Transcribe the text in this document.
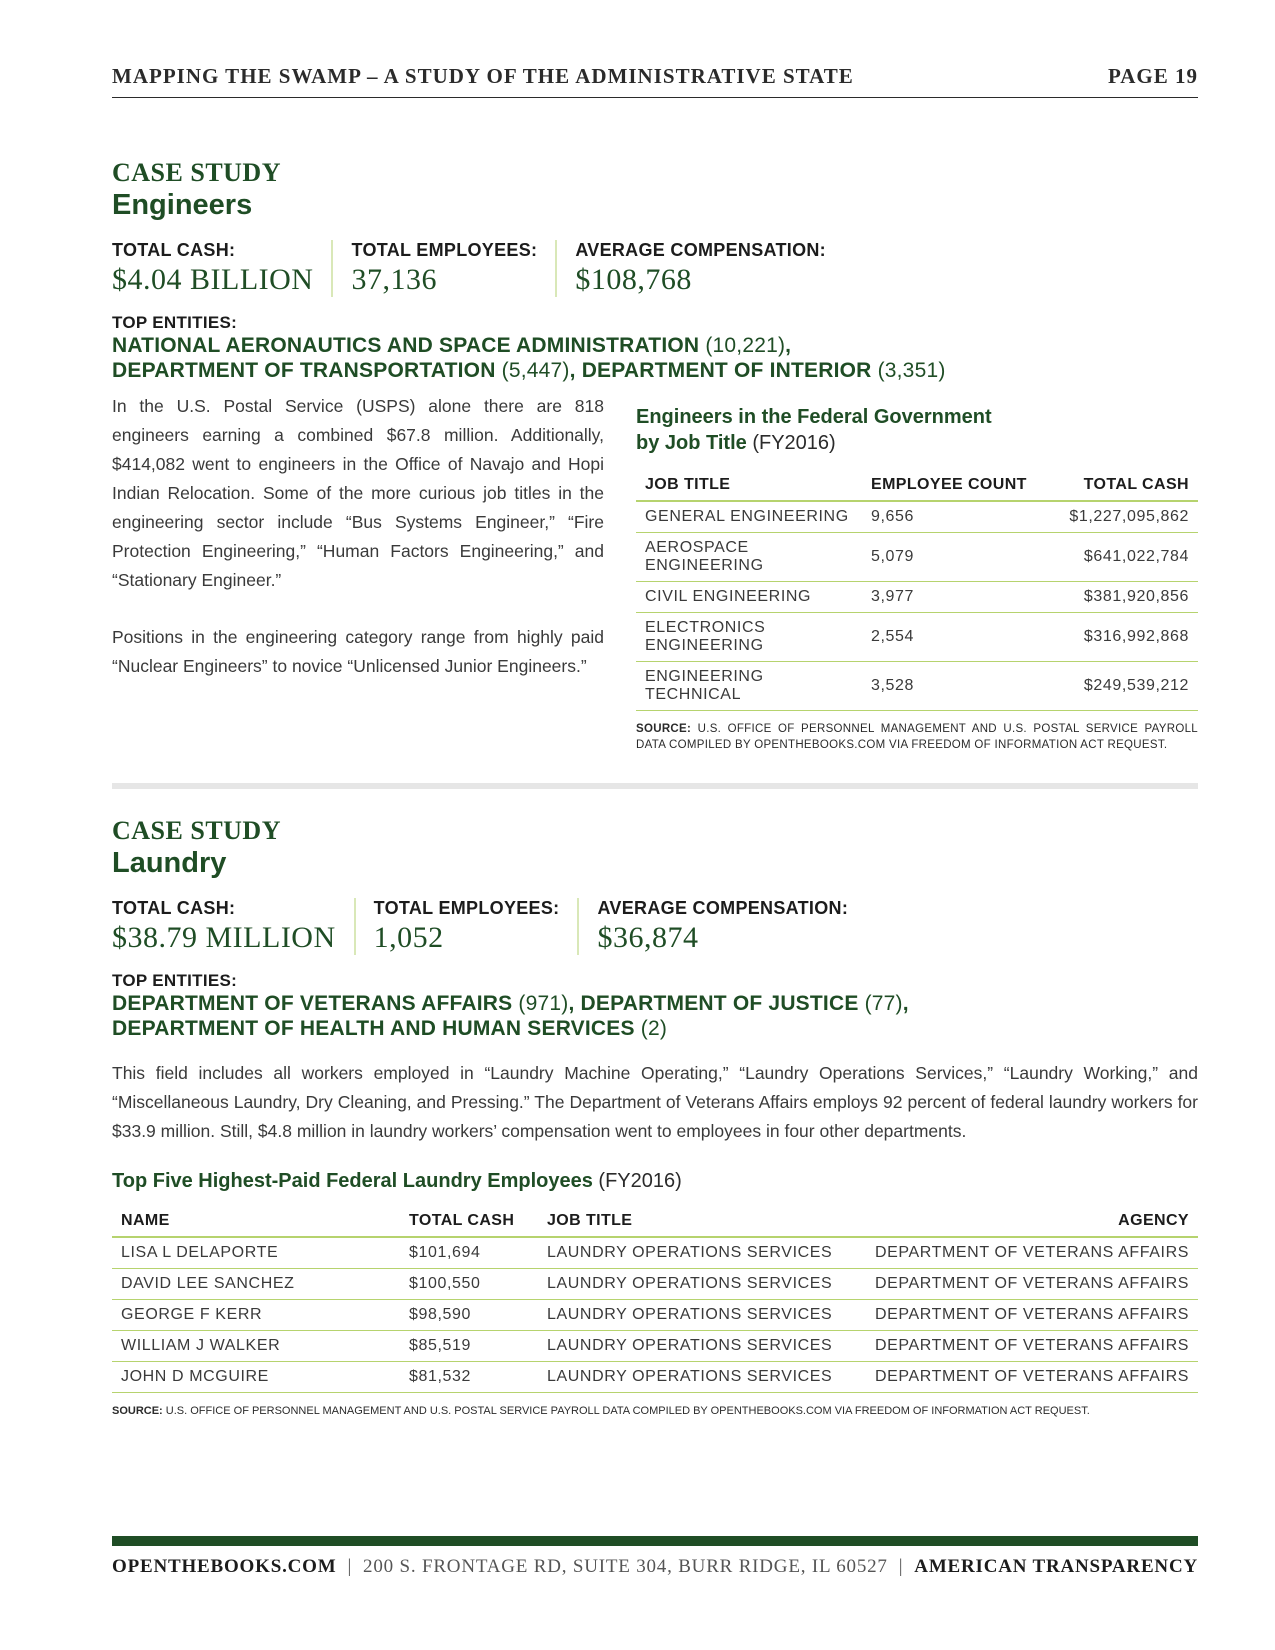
MAPPING THE SWAMP – A STUDY OF THE ADMINISTRATIVE STATE	PAGE 19
CASE STUDY
Engineers
TOTAL CASH:
$4.04 BILLION
TOTAL EMPLOYEES:
37,136
AVERAGE COMPENSATION:
$108,768
TOP ENTITIES:
NATIONAL AERONAUTICS AND SPACE ADMINISTRATION (10,221),
DEPARTMENT OF TRANSPORTATION (5,447), DEPARTMENT OF INTERIOR (3,351)

In the U.S. Postal Service (USPS) alone there are 818 engineers earning a combined $67.8 million. Additionally, $414,082 went to engineers in the Office of Navajo and Hopi Indian Relocation. Some of the more curious job titles in the engineering sector include “Bus Systems Engineer,” “Fire Protection Engineering,” “Human Factors Engineering,” and “Stationary Engineer.”

Positions in the engineering category range from highly paid “Nuclear Engineers” to novice “Unlicensed Junior Engineers.”

Engineers in the Federal Government
by Job Title (FY2016)
JOB TITLE	EMPLOYEE COUNT	TOTAL CASH
GENERAL ENGINEERING	9,656	$1,227,095,862
AEROSPACE ENGINEERING	5,079	$641,022,784
CIVIL ENGINEERING	3,977	$381,920,856
ELECTRONICS ENGINEERING	2,554	$316,992,868
ENGINEERING TECHNICAL	3,528	$249,539,212
SOURCE: U.S. OFFICE OF PERSONNEL MANAGEMENT AND U.S. POSTAL SERVICE PAYROLL DATA COMPILED BY OPENTHEBOOKS.COM VIA FREEDOM OF INFORMATION ACT REQUEST.
CASE STUDY
Laundry
TOTAL CASH:
$38.79 MILLION
TOTAL EMPLOYEES:
1,052
AVERAGE COMPENSATION:
$36,874
TOP ENTITIES:
DEPARTMENT OF VETERANS AFFAIRS (971), DEPARTMENT OF JUSTICE (77),
DEPARTMENT OF HEALTH AND HUMAN SERVICES (2)

This field includes all workers employed in “Laundry Machine Operating,” “Laundry Operations Services,” “Laundry Working,” and “Miscellaneous Laundry, Dry Cleaning, and Pressing.” The Department of Veterans Affairs employs 92 percent of federal laundry workers for $33.9 million. Still, $4.8 million in laundry workers’ compensation went to employees in four other departments.

Top Five Highest-Paid Federal Laundry Employees (FY2016)
NAME	TOTAL CASH	JOB TITLE	AGENCY
LISA L DELAPORTE	$101,694	LAUNDRY OPERATIONS SERVICES	DEPARTMENT OF VETERANS AFFAIRS
DAVID LEE SANCHEZ	$100,550	LAUNDRY OPERATIONS SERVICES	DEPARTMENT OF VETERANS AFFAIRS
GEORGE F KERR	$98,590	LAUNDRY OPERATIONS SERVICES	DEPARTMENT OF VETERANS AFFAIRS
WILLIAM J WALKER	$85,519	LAUNDRY OPERATIONS SERVICES	DEPARTMENT OF VETERANS AFFAIRS
JOHN D MCGUIRE	$81,532	LAUNDRY OPERATIONS SERVICES	DEPARTMENT OF VETERANS AFFAIRS
SOURCE: U.S. OFFICE OF PERSONNEL MANAGEMENT AND U.S. POSTAL SERVICE PAYROLL DATA COMPILED BY OPENTHEBOOKS.COM VIA FREEDOM OF INFORMATION ACT REQUEST.
OPENTHEBOOKS.COM | 200 S. FRONTAGE RD, SUITE 304, BURR RIDGE, IL 60527 | AMERICAN TRANSPARENCY
